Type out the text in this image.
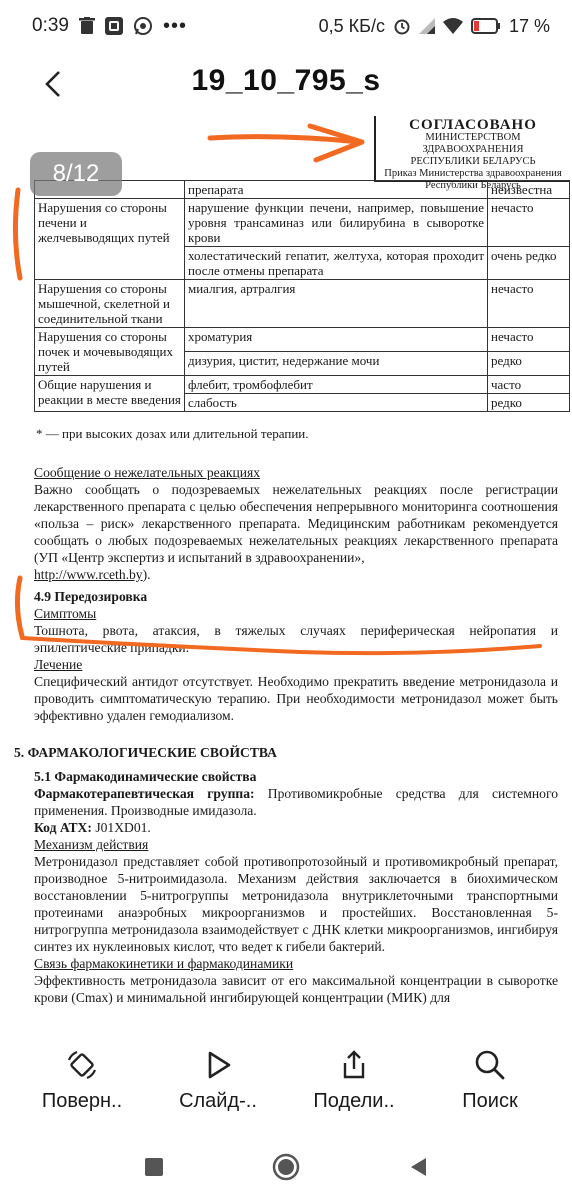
0:39	•••	0,5 КБ/с	17 %
19_10_795_s
СОГЛАСОВАНО
МИНИСТЕРСТВОМ ЗДРАВООХРАНЕНИЯ
РЕСПУБЛИКИ БЕЛАРУСЬ
Приказ Министерства здравоохранения
Республики Беларусь
	препарата	неизвестна
Нарушения со стороны печени и желчевыводящих путей	нарушение функции печени, например, повышение уровня трансаминаз или билирубина в сыворотке крови	нечасто
	холестатический гепатит, желтуха, которая проходит после отмены препарата	очень редко
Нарушения со стороны мышечной, скелетной и соединительной ткани	миалгия, артралгия	нечасто
Нарушения со стороны почек и мочевыводящих путей	хроматурия	нечасто
	дизурия, цистит, недержание мочи	редко
Общие нарушения и реакции в месте введения	флебит, тромбофлебит	часто
	слабость	редко
* — при высоких дозах или длительной терапии.
Сообщение о нежелательных реакциях
Важно сообщать о подозреваемых нежелательных реакциях после регистрации лекарственного препарата с целью обеспечения непрерывного мониторинга соотношения «польза – риск» лекарственного препарата. Медицинским работникам рекомендуется сообщать о любых подозреваемых нежелательных реакциях лекарственного препарата (УП «Центр экспертиз и испытаний в здравоохранении»,
http://www.rceth.by).
4.9 Передозировка
Симптомы
Тошнота, рвота, атаксия, в тяжелых случаях периферическая нейропатия и эпилептические припадки.
Лечение
Специфический антидот отсутствует. Необходимо прекратить введение метронидазола и проводить симптоматическую терапию. При необходимости метронидазол может быть эффективно удален гемодиализом.
5. ФАРМАКОЛОГИЧЕСКИЕ СВОЙСТВА
5.1 Фармакодинамические свойства
Фармакотерапевтическая группа: Противомикробные средства для системного применения. Производные имидазола.
Код АТХ: J01XD01.
Механизм действия
Метронидазол представляет собой противопротозойный и противомикробный препарат, производное 5-нитроимидазола. Механизм действия заключается в биохимическом восстановлении 5-нитрогруппы метронидазола внутриклеточными транспортными протеинами анаэробных микроорганизмов и простейших. Восстановленная 5-нитрогруппа метронидазола взаимодействует с ДНК клетки микроорганизмов, ингибируя синтез их нуклеиновых кислот, что ведет к гибели бактерий.
Связь фармакокинетики и фармакодинамики
Эффективность метронидазола зависит от его максимальной концентрации в сыворотке крови (Cmax) и минимальной ингибирующей концентрации (МИК) для
8/12
Поверн..	Слайд-..	Подели..	Поиск
